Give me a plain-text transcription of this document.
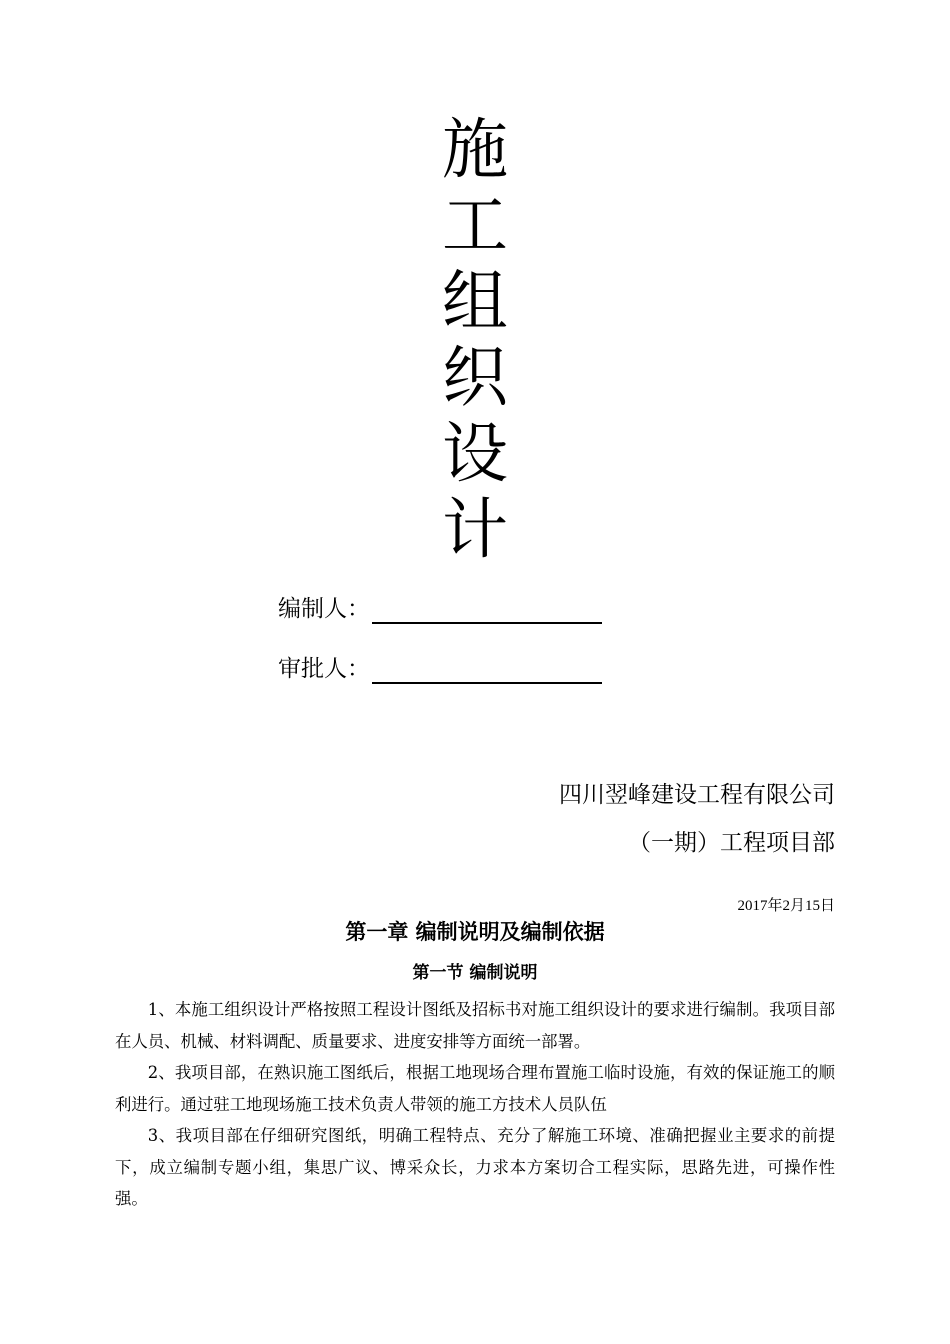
施
工
组
织
设
计
编制人：
审批人：
四川翌峰建设工程有限公司
（一期）工程项目部
2017年2月15日
第一章 编制说明及编制依据
第一节 编制说明

1、本施工组织设计严格按照工程设计图纸及招标书对施工组织设计的要求进行编制。我项目部在人员、机械、材料调配、质量要求、进度安排等方面统一部署。

2、我项目部，在熟识施工图纸后，根据工地现场合理布置施工临时设施，有效的保证施工的顺利进行。通过驻工地现场施工技术负责人带领的施工方技术人员队伍

3、我项目部在仔细研究图纸，明确工程特点、充分了解施工环境、准确把握业主要求的前提下，成立编制专题小组，集思广议、博采众长，力求本方案切合工程实际，思路先进，可操作性强。
